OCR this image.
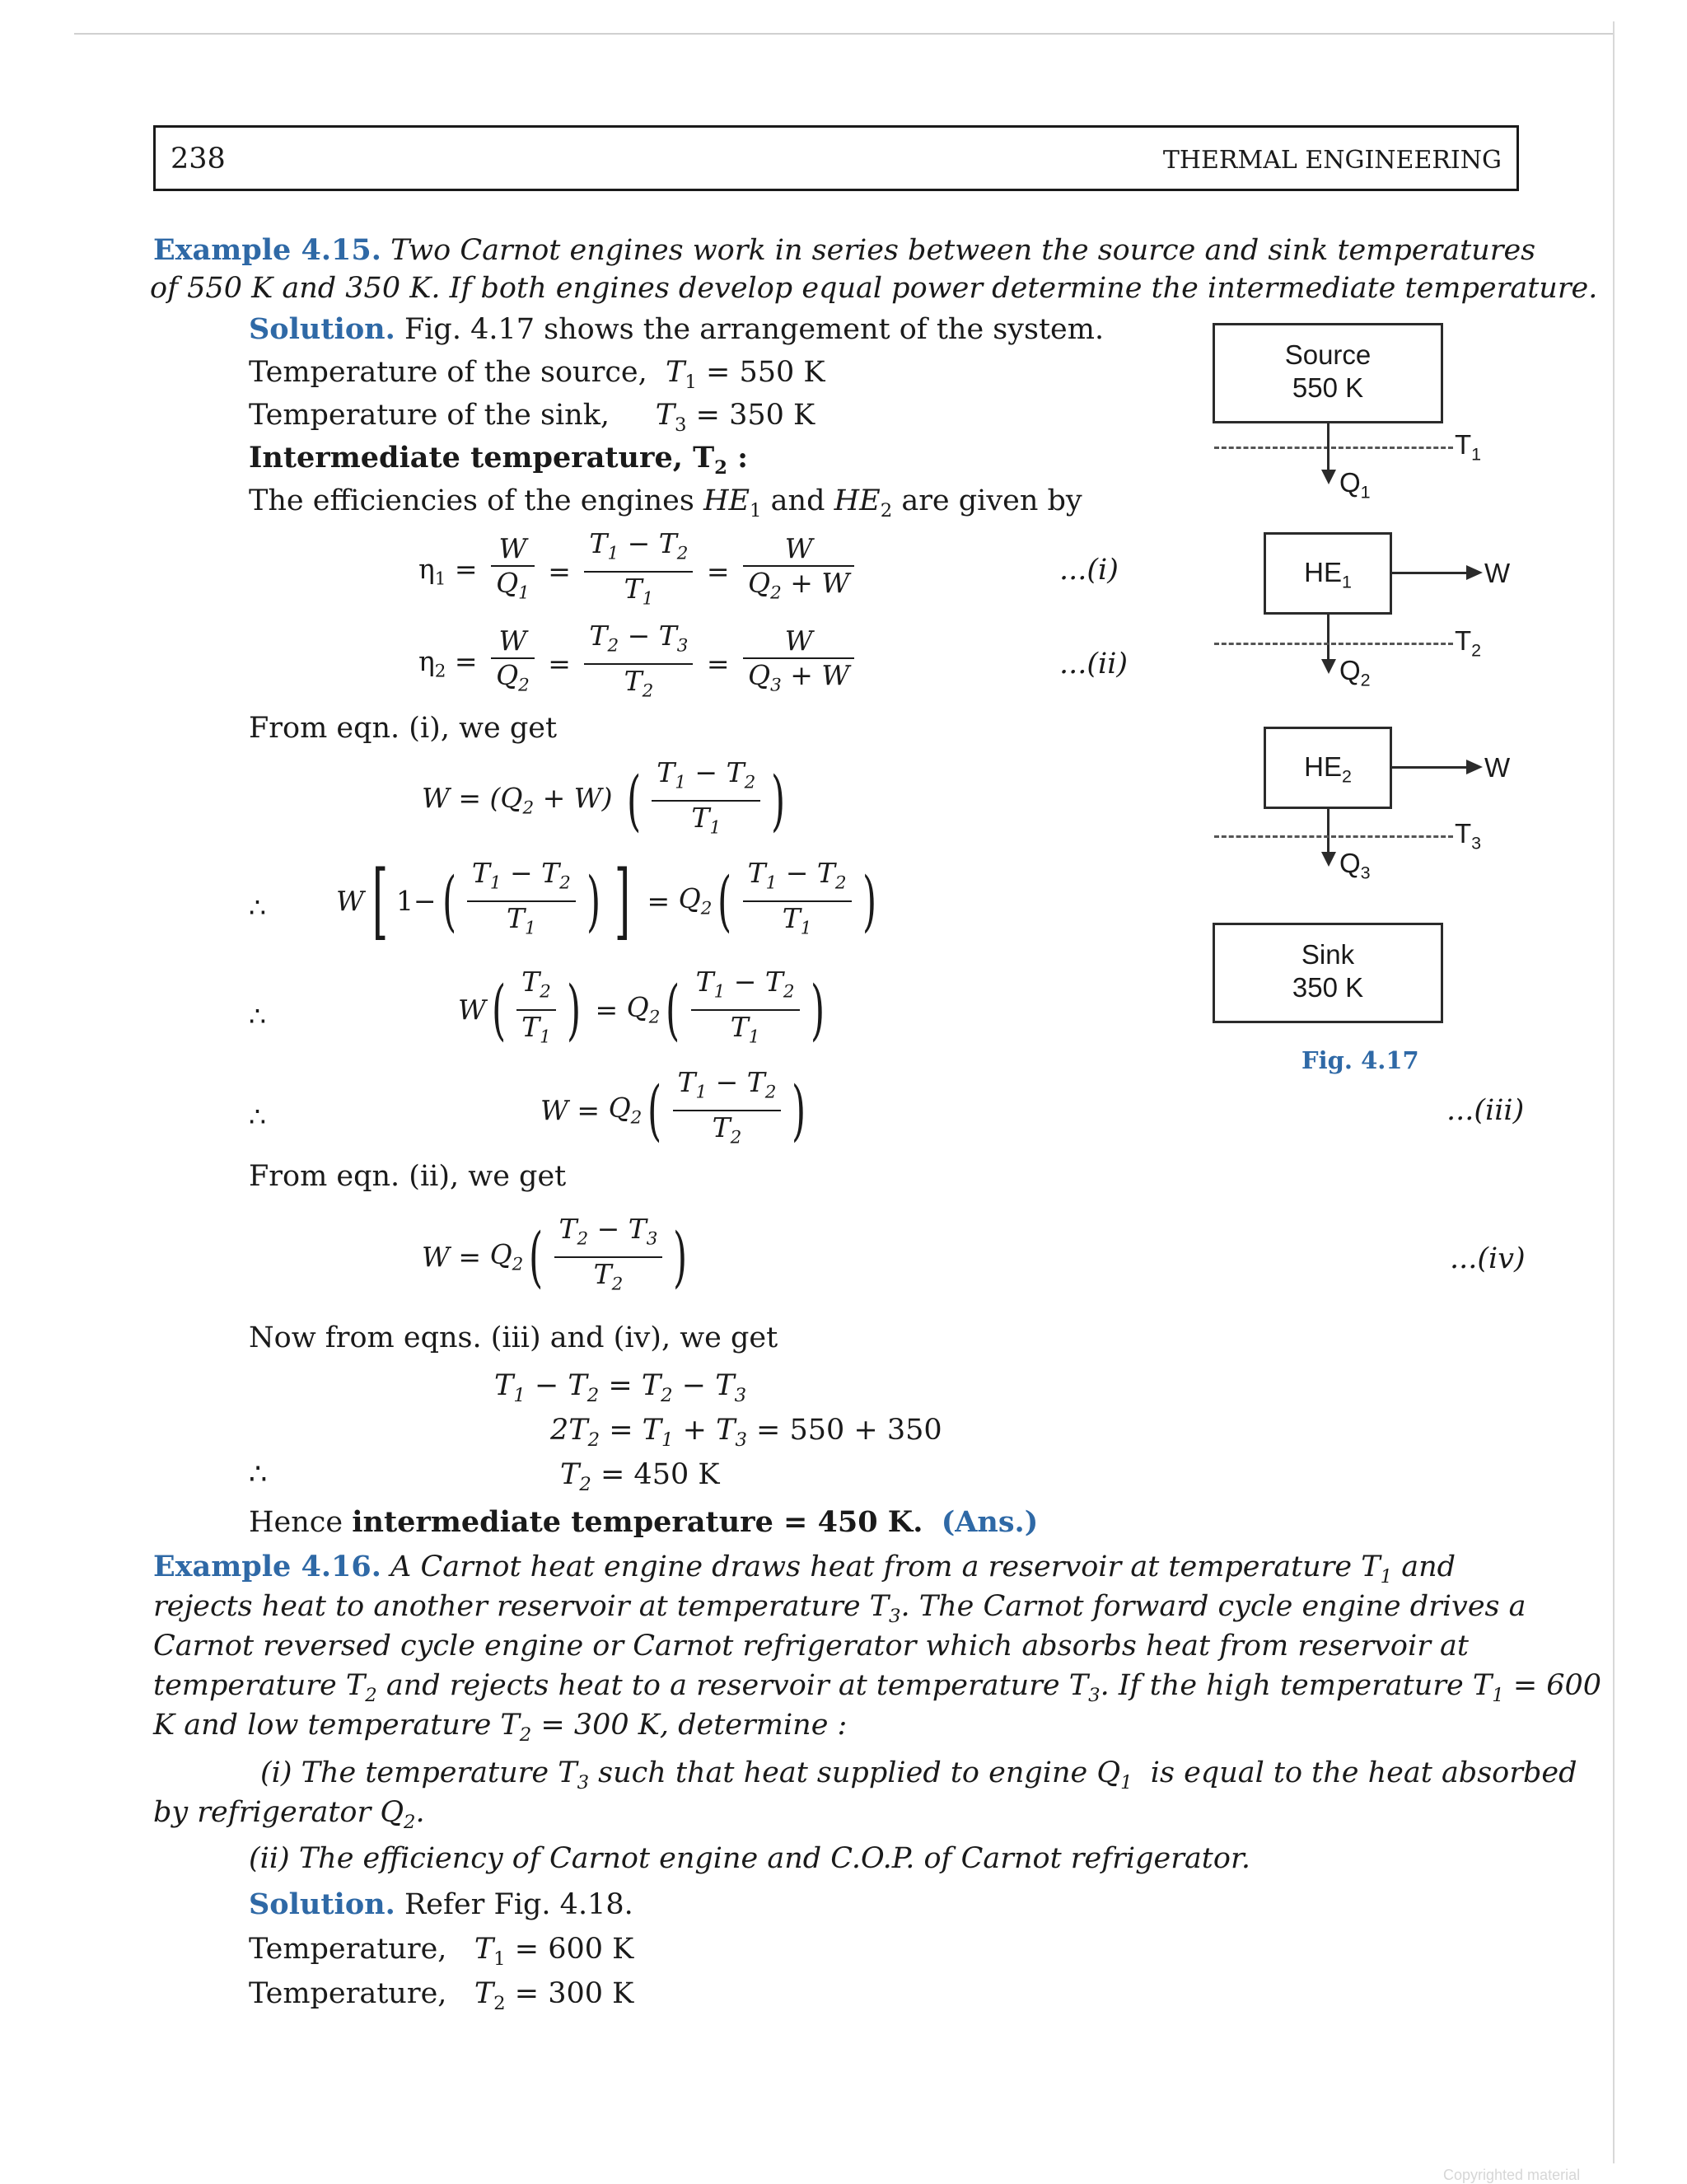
238	THERMAL ENGINEERING
Example 4.15. Two Carnot engines work in series between the source and sink temperatures
of 550 K and 350 K. If both engines develop equal power determine the intermediate temperature.
Solution. Fig. 4.17 shows the arrangement of the system.
Temperature of the source, $T_1 = 550$ K
Temperature of the sink, $T_3 = 350$ K
Intermediate temperature, $T_2$ :
The efficiencies of the engines $HE_1$ and $HE_2$ are given by
$\eta_1 = \frac{W}{Q_1} = \frac{T_1 - T_2}{T_1} = \frac{W}{Q_2 + W}$	...(i)
$\eta_2 = \frac{W}{Q_2} = \frac{T_2 - T_3}{T_2} = \frac{W}{Q_3 + W}$	...(ii)
From eqn. (i), we get
$W = (Q_2 + W)$ ( $\frac{T_1 - T_2}{T_1}$ )
∴	W[ $1-( \frac{T_1 - T_2}{T_1}$ ) ] = $Q_2( \frac{T_1 - T_2}{T_1}$ )
∴	$W( \frac{T_2}{T_1}$ ) = $Q_2( \frac{T_1 - T_2}{T_1}$ )
∴	$W = Q_2( \frac{T_1 - T_2}{T_2}$ )	...(iii)
From eqn. (ii), we get
$W = Q_2( \frac{T_2 - T_3}{T_2}$ )	...(iv)
Now from eqns. (iii) and (iv), we get
$T_1 - T_2 = T_2 - T_3$
$2T_2 = T_1 + T_3 = 550 + 350$
∴	$T_2 = 450$ K
Hence intermediate temperature = 450 K. (Ans.)
Source
550 K
$T_1$
$Q_1$
$HE_1$	W
$T_2$
$Q_2$
$HE_2$	W
$T_3$
$Q_3$
Sink
350 K
Fig. 4.17
Example 4.16. A Carnot heat engine draws heat from a reservoir at temperature $T_1$ and
rejects heat to another reservoir at temperature $T_3$. The Carnot forward cycle engine drives a
Carnot reversed cycle engine or Carnot refrigerator which absorbs heat from reservoir at
temperature $T_2$ and rejects heat to a reservoir at temperature $T_3$. If the high temperature $T_1 = 600$
K and low temperature $T_2 = 300$ K, determine :
(i) The temperature $T_3$ such that heat supplied to engine $Q_1$  is equal to the heat absorbed
by refrigerator $Q_2$.
(ii) The efficiency of Carnot engine and C.O.P. of Carnot refrigerator.
Solution. Refer Fig. 4.18.
Temperature, $T_1 = 600$ K
Temperature, $T_2 = 300$ K
Copyrighted material
